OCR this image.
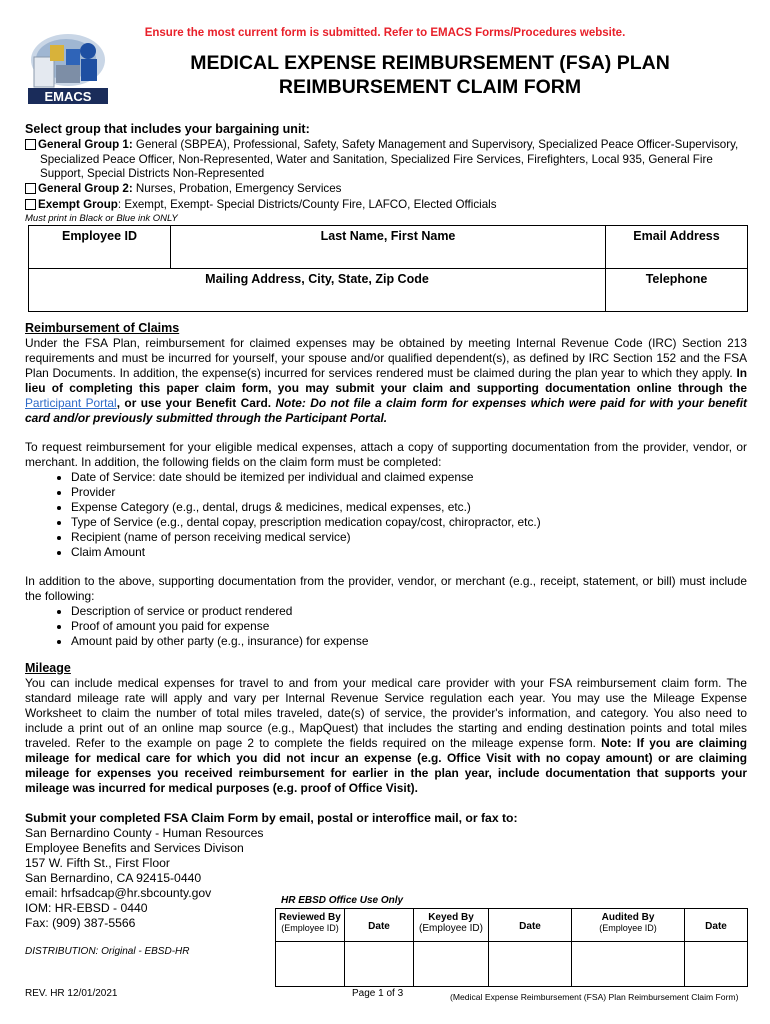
Ensure the most current form is submitted. Refer to EMACS Forms/Procedures website.
EMACS
MEDICAL EXPENSE REIMBURSEMENT (FSA) PLAN
REIMBURSEMENT CLAIM FORM
Select group that includes your bargaining unit:
General Group 1: General (SBPEA), Professional, Safety, Safety Management and Supervisory, Specialized Peace Officer-Supervisory,
Specialized Peace Officer, Non-Represented, Water and Sanitation, Specialized Fire Services, Firefighters, Local 935, General Fire
Support, Special Districts Non-Represented
General Group 2: Nurses, Probation, Emergency Services
Exempt Group: Exempt, Exempt- Special Districts/County Fire, LAFCO, Elected Officials
Must print in Black or Blue ink ONLY
Employee ID	Last Name, First Name	Email Address
Mailing Address, City, State, Zip Code		Telephone
Reimbursement of Claims

Under the FSA Plan, reimbursement for claimed expenses may be obtained by meeting Internal Revenue Code (IRC) Section 213 requirements and must be incurred for yourself, your spouse and/or qualified dependent(s), as defined by IRC Section 152 and the FSA Plan Documents. In addition, the expense(s) incurred for services rendered must be claimed during the plan year to which they apply. In lieu of completing this paper claim form, you may submit your claim and supporting documentation online through the Participant Portal, or use your Benefit Card. Note: Do not file a claim form for expenses which were paid for with your benefit card and/or previously submitted through the Participant Portal.

To request reimbursement for your eligible medical expenses, attach a copy of supporting documentation from the provider, vendor, or merchant. In addition, the following fields on the claim form must be completed:

• Date of Service: date should be itemized per individual and claimed expense
• Provider
• Expense Category (e.g., dental, drugs & medicines, medical expenses, etc.)
• Type of Service (e.g., dental copay, prescription medication copay/cost, chiropractor, etc.)
• Recipient (name of person receiving medical service)
• Claim Amount

In addition to the above, supporting documentation from the provider, vendor, or merchant (e.g., receipt, statement, or bill) must include the following:

• Description of service or product rendered
• Proof of amount you paid for expense
• Amount paid by other party (e.g., insurance) for expense
Mileage

You can include medical expenses for travel to and from your medical care provider with your FSA reimbursement claim form. The standard mileage rate will apply and vary per Internal Revenue Service regulation each year. You may use the Mileage Expense Worksheet to claim the number of total miles traveled, date(s) of service, the provider's information, and category. You also need to include a print out of an online map source (e.g., MapQuest) that includes the starting and ending destination points and total miles traveled. Refer to the example on page 2 to complete the fields required on the mileage expense form. Note: If you are claiming mileage for medical care for which you did not incur an expense (e.g. Office Visit with no copay amount) or are claiming mileage for expenses you received reimbursement for earlier in the plan year, include documentation that supports your mileage was incurred for medical purposes (e.g. proof of Office Visit).

Submit your completed FSA Claim Form by email, postal or interoffice mail, or fax to:
San Bernardino County - Human Resources
Employee Benefits and Services Divison
157 W. Fifth St., First Floor
San Bernardino, CA 92415-0440
email: hrfsadcap@hr.sbcounty.gov
IOM: HR-EBSD - 0440
Fax: (909) 387-5566
DISTRIBUTION: Original - EBSD-HR
HR EBSD Office Use Only
Reviewed By
(Employee ID)	Date	Keyed By
(Employee ID)	Date	Audited By
(Employee ID)	Date

REV. HR 12/01/2021	Page 1 of 3	(Medical Expense Reimbursement (FSA) Plan Reimbursement Claim Form)
